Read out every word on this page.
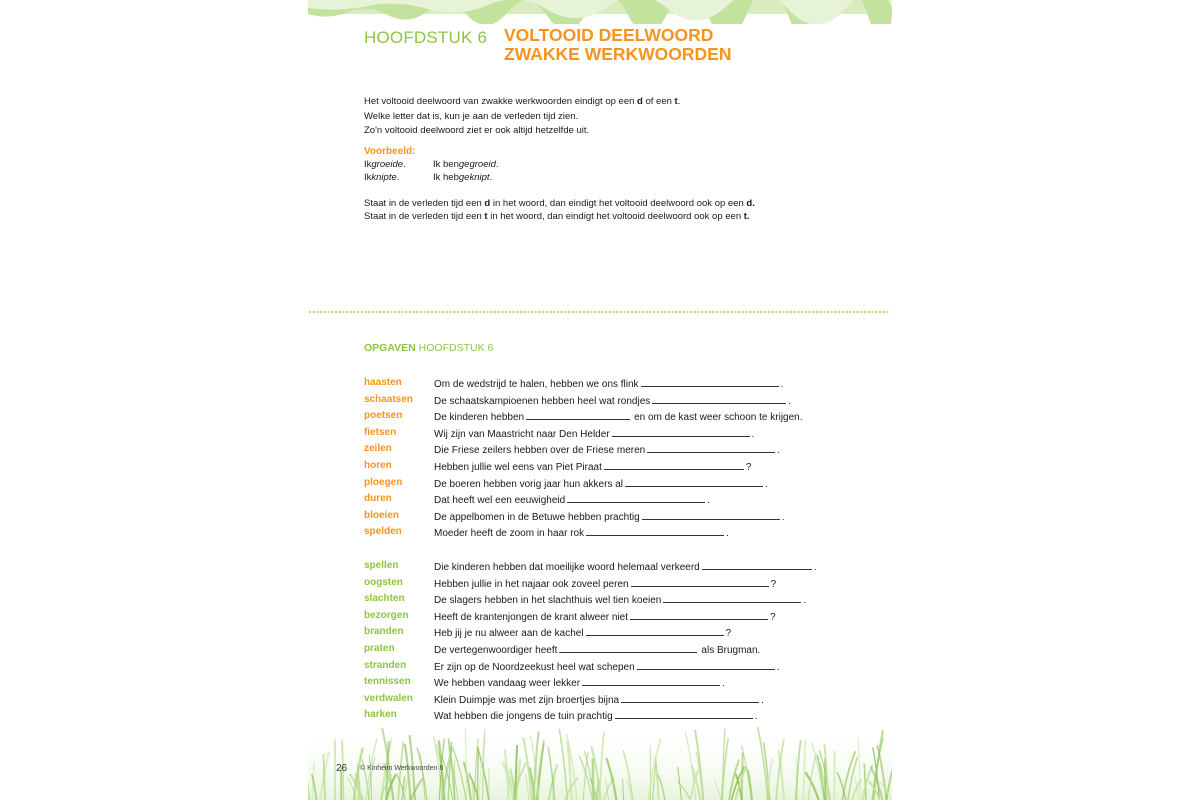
HOOFDSTUK 6 VOLTOOID DEELWOORD
ZWAKKE WERKWOORDEN

Het voltooid deelwoord van zwakke werkwoorden eindigt op een d of een t.

Welke letter dat is, kun je aan de verleden tijd zien.

Zo'n voltooid deelwoord ziet er ook altijd hetzelfde uit.

Voorbeeld:
Ikgroeide.	Ik bengegroeid.
Ikknipte.	Ik hebgeknipt.
Staat in de verleden tijd een d in het woord, dan eindigt het voltooid deelwoord ook op een d.
Staat in de verleden tijd een t in het woord, dan eindigt het voltooid deelwoord ook op een t.
OPGAVEN HOOFDSTUK 6
haasten	Om de wedstrijd te halen, hebben we ons flink	.
schaatsen	De schaatskampioenen hebben heel wat rondjes	.
poetsen	De kinderen hebben	en om de kast weer schoon te krijgen.
fietsen	Wij zijn van Maastricht naar Den Helder	.
zeilen	Die Friese zeilers hebben over de Friese meren	.
horen	Hebben jullie wel eens van Piet Piraat	?
ploegen	De boeren hebben vorig jaar hun akkers al	.
duren	Dat heeft wel een eeuwigheid	.
bloeien	De appelbomen in de Betuwe hebben prachtig	.
spelden	Moeder heeft de zoom in haar rok	.
spellen	Die kinderen hebben dat moeilijke woord helemaal verkeerd	.
oogsten	Hebben jullie in het najaar ook zoveel peren	?
slachten	De slagers hebben in het slachthuis wel tien koeien	.
bezorgen	Heeft de krantenjongen de krant alweer niet	?
branden	Heb jij je nu alweer aan de kachel	?
praten	De vertegenwoordiger heeft	als Brugman.
stranden	Er zijn op de Noordzeekust heel wat schepen	.
tennissen	We hebben vandaag weer lekker	.
verdwalen	Klein Duimpje was met zijn broertjes bijna	.
harken	Wat hebben die jongens de tuin prachtig	.
26 © Kinheim Werkwoorden 8
